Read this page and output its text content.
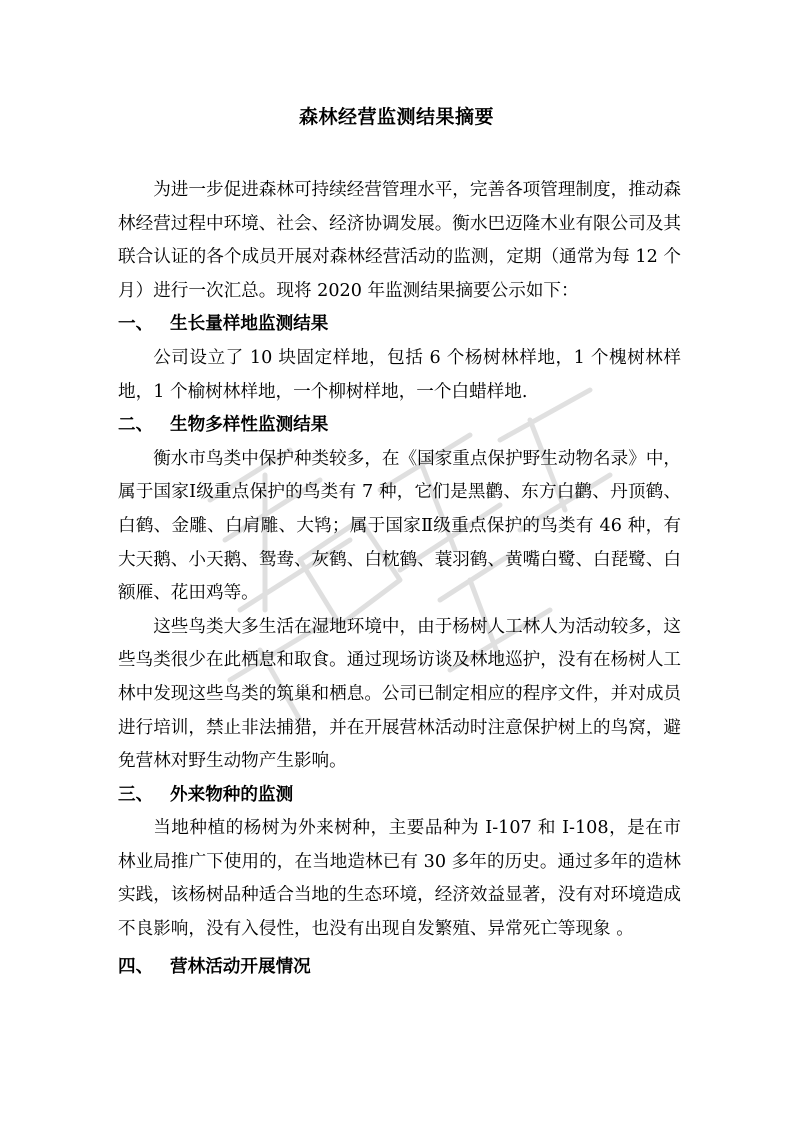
森林经营监测结果摘要

为进一步促进森林可持续经营管理水平，完善各项管理制度，推动森林经营过程中环境、社会、经济协调发展。衡水巴迈隆木业有限公司及其联合认证的各个成员开展对森林经营活动的监测，定期（通常为每 12 个月）进行一次汇总。现将 2020 年监测结果摘要公示如下：

一、 生长量样地监测结果

公司设立了 10 块固定样地，包括 6 个杨树林样地，1 个槐树林样地，1 个榆树林样地，一个柳树样地，一个白蜡样地.

二、 生物多样性监测结果

衡水市鸟类中保护种类较多，在《国家重点保护野生动物名录》中，属于国家Ⅰ级重点保护的鸟类有 7 种，它们是黑鹳、东方白鹳、丹顶鹤、白鹤、金雕、白肩雕、大鸨；属于国家Ⅱ级重点保护的鸟类有 46 种，有大天鹅、小天鹅、鸳鸯、灰鹤、白枕鹤、蓑羽鹤、黄嘴白鹭、白琵鹭、白额雁、花田鸡等。

这些鸟类大多生活在湿地环境中，由于杨树人工林人为活动较多，这些鸟类很少在此栖息和取食。通过现场访谈及林地巡护，没有在杨树人工林中发现这些鸟类的筑巢和栖息。公司已制定相应的程序文件，并对成员进行培训，禁止非法捕猎，并在开展营林活动时注意保护树上的鸟窝，避免营林对野生动物产生影响。

三、 外来物种的监测

当地种植的杨树为外来树种，主要品种为 I-107 和 I-108，是在市林业局推广下使用的，在当地造林已有 30 多年的历史。通过多年的造林实践，该杨树品种适合当地的生态环境，经济效益显著，没有对环境造成不良影响，没有入侵性，也没有出现自发繁殖、异常死亡等现象 。

四、 营林活动开展情况
